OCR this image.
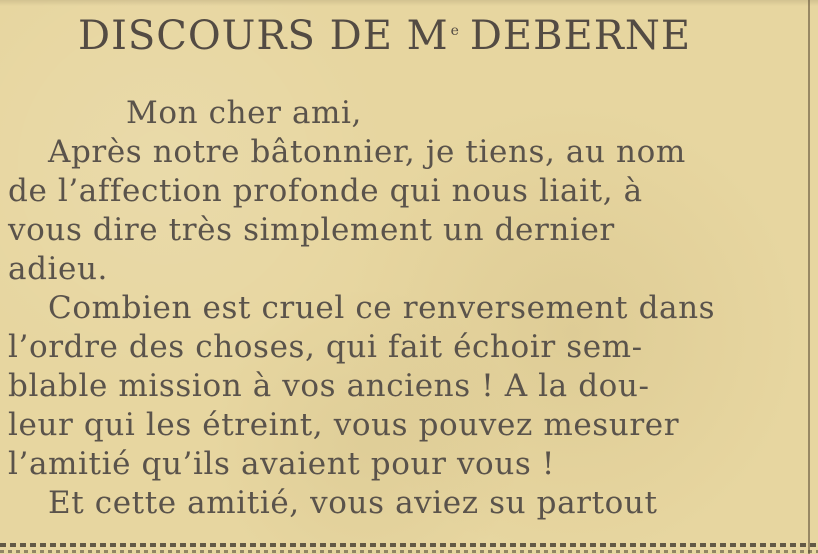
DISCOURS DE M $^e$ DEBERNE
Mon cher ami,
Après notre bâtonnier, je tiens, au nom
de l’affection profonde qui nous liait, à
vous dire très simplement un dernier
adieu.
Combien est cruel ce renversement dans
l’ordre des choses, qui fait échoir sem-
blable mission à vos anciens ! A la dou-
leur qui les étreint, vous pouvez mesurer
l’amitié qu’ils avaient pour vous !
Et cette amitié, vous aviez su partout
